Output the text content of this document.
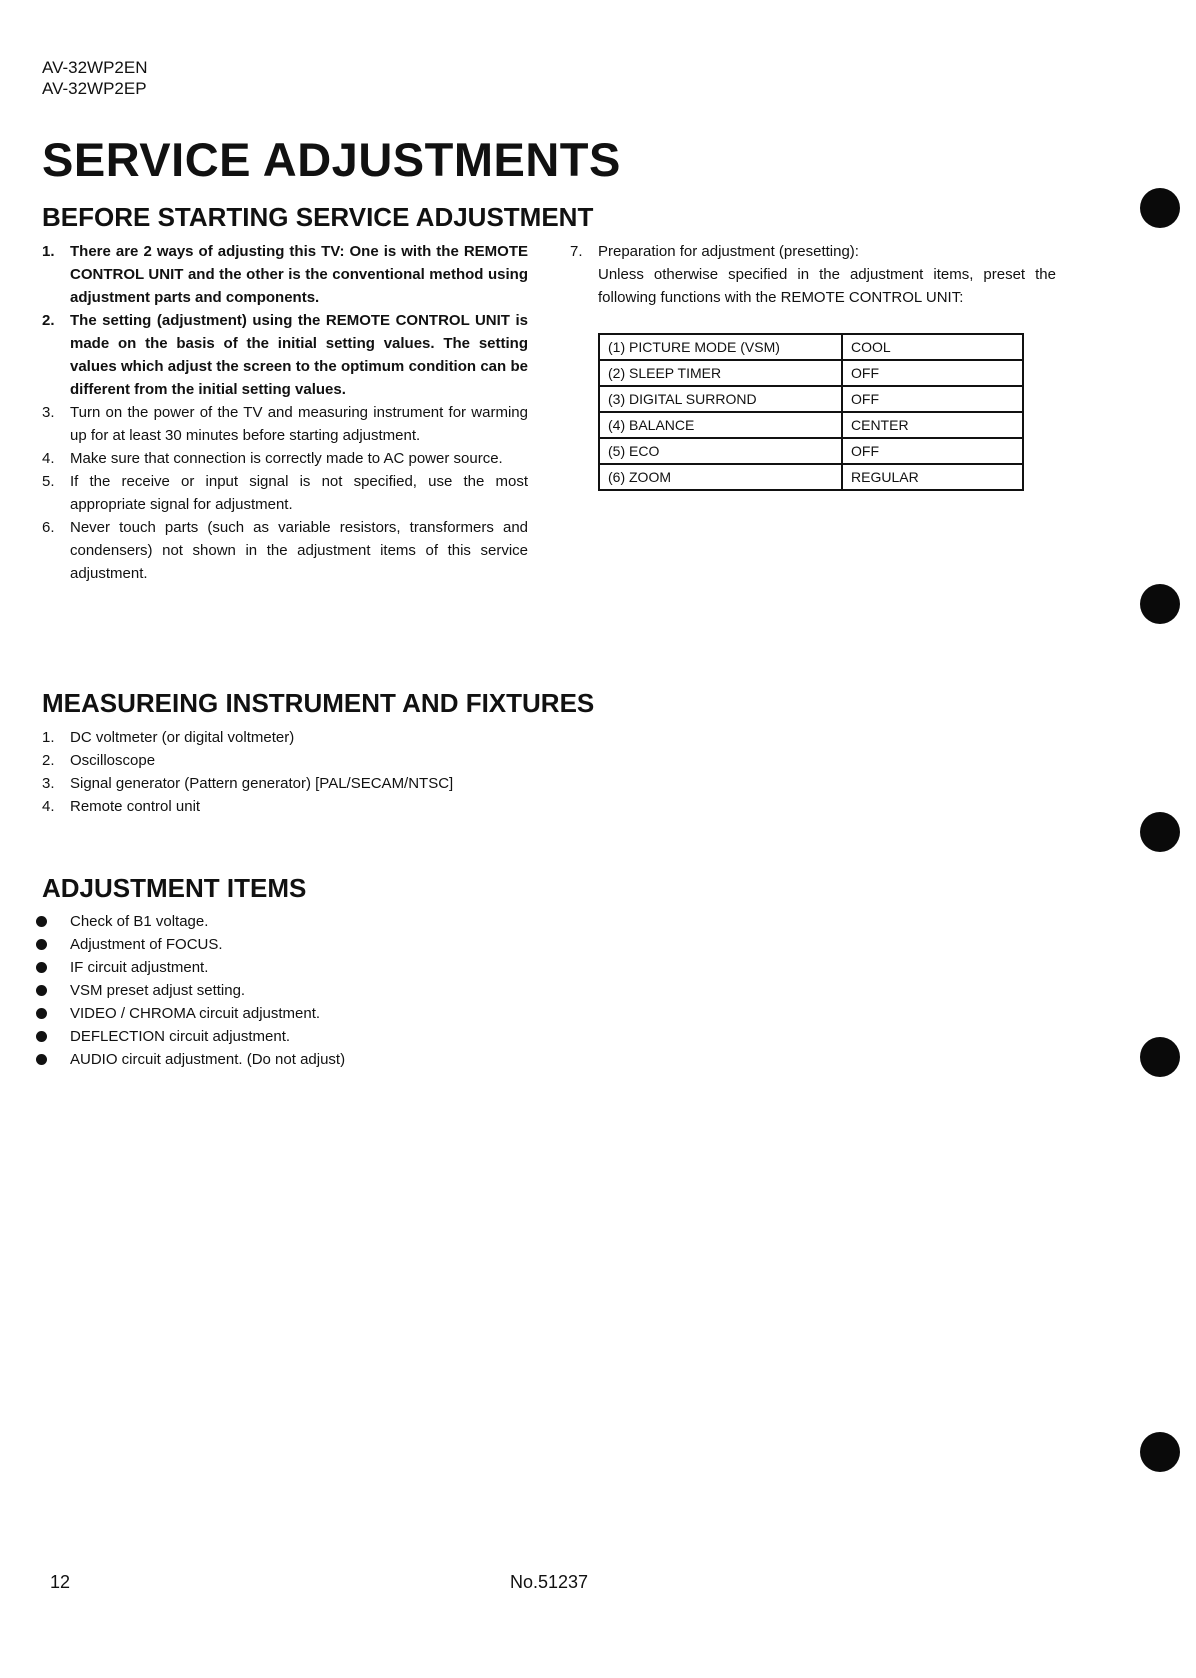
AV-32WP2EN
AV-32WP2EP
SERVICE ADJUSTMENTS
BEFORE STARTING SERVICE ADJUSTMENT
1. There are 2 ways of adjusting this TV: One is with the REMOTE CONTROL UNIT and the other is the conventional method using adjustment parts and components.
2. The setting (adjustment) using the REMOTE CONTROL UNIT is made on the basis of the initial setting values. The setting values which adjust the screen to the optimum condition can be different from the initial setting values.
3. Turn on the power of the TV and measuring instrument for warming up for at least 30 minutes before starting adjustment.
4. Make sure that connection is correctly made to AC power source.
5. If the receive or input signal is not specified, use the most appropriate signal for adjustment.
6. Never touch parts (such as variable resistors, transformers and condensers) not shown in the adjustment items of this service adjustment.
7. Preparation for adjustment (presetting):
Unless otherwise specified in the adjustment items, preset the following functions with the REMOTE CONTROL UNIT:
(1) PICTURE MODE (VSM)	COOL
(2) SLEEP TIMER	OFF
(3) DIGITAL SURROND	OFF
(4) BALANCE	CENTER
(5) ECO	OFF
(6) ZOOM	REGULAR
MEASUREING INSTRUMENT AND FIXTURES
1. DC voltmeter (or digital voltmeter)
2. Oscilloscope
3. Signal generator (Pattern generator) [PAL/SECAM/NTSC]
4. Remote control unit
ADJUSTMENT ITEMS
Check of B1 voltage.
Adjustment of FOCUS.
IF circuit adjustment.
VSM preset adjust setting.
VIDEO / CHROMA circuit adjustment.
DEFLECTION circuit adjustment.
AUDIO circuit adjustment. (Do not adjust)
12	No.51237
